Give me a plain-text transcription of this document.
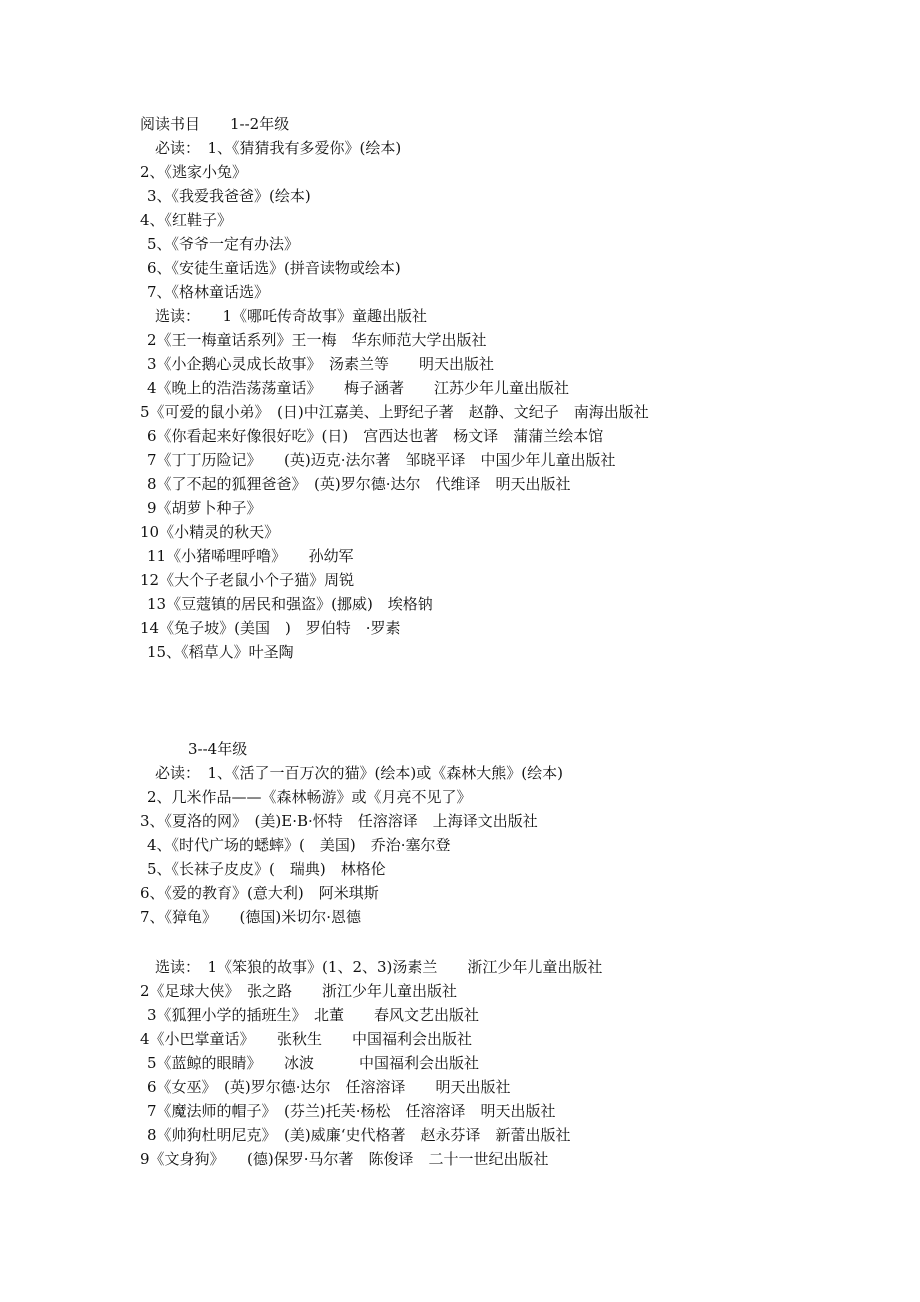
阅读书目　　1--2年级
必读：　1、《猜猜我有多爱你》(绘本)
2、《逃家小兔》
3、《我爱我爸爸》(绘本)
4、《红鞋子》
5、《爷爷一定有办法》
6、《安徒生童话选》(拼音读物或绘本)
7、《格林童话选》
选读：　　1《哪吒传奇故事》童趣出版社
2《王一梅童话系列》王一梅　华东师范大学出版社
3《小企鹅心灵成长故事》　汤素兰等　　明天出版社
4《晚上的浩浩荡荡童话》　　梅子涵著　　江苏少年儿童出版社
5《可爱的鼠小弟》　(日)中江嘉美、上野纪子著　赵静、文纪子　南海出版社
6《你看起来好像很好吃》(日)　宫西达也著　杨文译　蒲蒲兰绘本馆
7《丁丁历险记》　　(英)迈克·法尔著　邹晓平译　中国少年儿童出版社
8《了不起的狐狸爸爸》　(英)罗尔德·达尔　代维译　明天出版社
9《胡萝卜种子》
10《小精灵的秋天》
11《小猪唏哩呼噜》　　孙幼军
12《大个子老鼠小个子猫》周锐
13《豆蔻镇的居民和强盗》(挪威)　埃格钠
14《兔子坡》(美国　)　罗伯特　·罗素
15、《稻草人》叶圣陶
3--4年级
必读：　1、《活了一百万次的猫》(绘本)或《森林大熊》(绘本)
2、几米作品——《森林畅游》或《月亮不见了》
3、《夏洛的网》　(美)E·B·怀特　任溶溶译　上海译文出版社
4、《时代广场的蟋蟀》(　美国)　乔治·塞尔登
5、《长袜子皮皮》(　瑞典)　林格伦
6、《爱的教育》(意大利)　阿米琪斯
7、《獐龟》　　(德国)米切尔·恩德
选读：　1《笨狼的故事》(1、2、3)汤素兰　　浙江少年儿童出版社
2《足球大侠》　张之路　　浙江少年儿童出版社
3《狐狸小学的插班生》　北董　　春风文艺出版社
4《小巴掌童话》　　张秋生　　中国福利会出版社
5《蓝鲸的眼睛》　　冰波　　　中国福利会出版社
6《女巫》　(英)罗尔德·达尔　任溶溶译　　明天出版社
7《魔法师的帽子》　(芬兰)托芙·杨松　任溶溶译　明天出版社
8《帅狗杜明尼克》　(美)威廉‘史代格著　赵永芬译　新蕾出版社
9《文身狗》　　(德)保罗·马尔著　陈俊译　二十一世纪出版社
